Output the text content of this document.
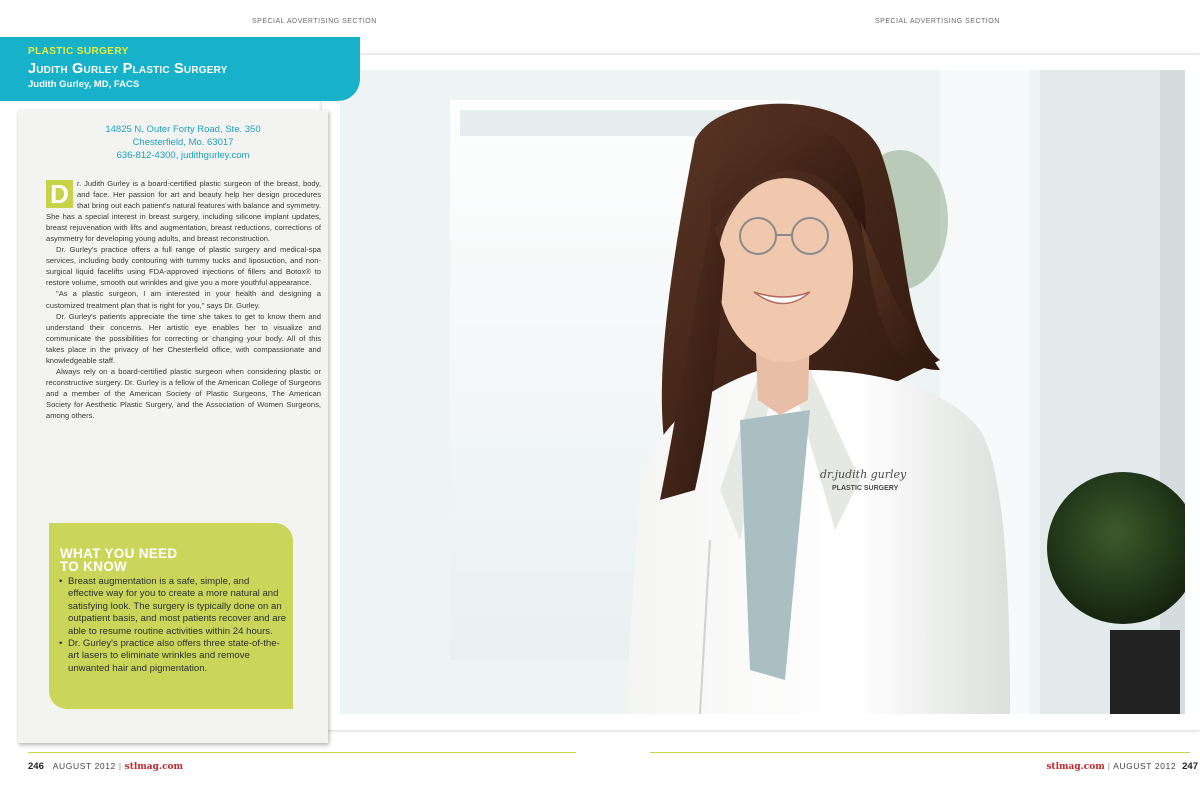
SPECIAL ADVERTISING SECTION	SPECIAL ADVERTISING SECTION
dr.judith gurley
PLASTIC SURGERY
PLASTIC SURGERY
Judith Gurley Plastic Surgery
Judith Gurley, MD, FACS
14825 N. Outer Forty Road, Ste. 350
Chesterfield, Mo. 63017
636-812-4300, judithgurley.com

D	r. Judith Gurley is a board-certified plastic surgeon of the breast, body, and face. Her passion for art and beauty help her design procedures that bring out each patient's natural features with balance and symmetry. She has a special interest in breast surgery, including silicone implant updates, breast rejuvenation with lifts and augmentation, breast reductions, corrections of asymmetry for developing young adults, and breast reconstruction.

Dr. Gurley's practice offers a full range of plastic surgery and medical-spa services, including body contouring with tummy tucks and liposuction, and non-surgical liquid facelifts using FDA-approved injections of fillers and Botox® to restore volume, smooth out wrinkles and give you a more youthful appearance.

"As a plastic surgeon, I am interested in your health and designing a customized treatment plan that is right for you," says Dr. Gurley.

Dr. Gurley's patients appreciate the time she takes to get to know them and understand their concerns. Her artistic eye enables her to visualize and communicate the possibilities for correcting or changing your body. All of this takes place in the privacy of her Chesterfield office, with compassionate and knowledgeable staff.

Always rely on a board-certified plastic surgeon when considering plastic or reconstructive surgery. Dr. Gurley is a fellow of the American College of Surgeons and a member of the American Society of Plastic Surgeons, The American Society for Aesthetic Plastic Surgery, and the Association of Women Surgeons, among others.

WHAT YOU NEED
TO KNOW
• Breast augmentation is a safe, simple, and effective way for you to create a more natural and satisfying look. The surgery is typically done on an outpatient basis, and most patients recover and are able to resume routine activities within 24 hours.
• Dr. Gurley's practice also offers three state-of-the-art lasers to eliminate wrinkles and remove unwanted hair and pigmentation.
246 AUGUST 2012 | stlmag.com	stlmag.com | AUGUST 2012 247
